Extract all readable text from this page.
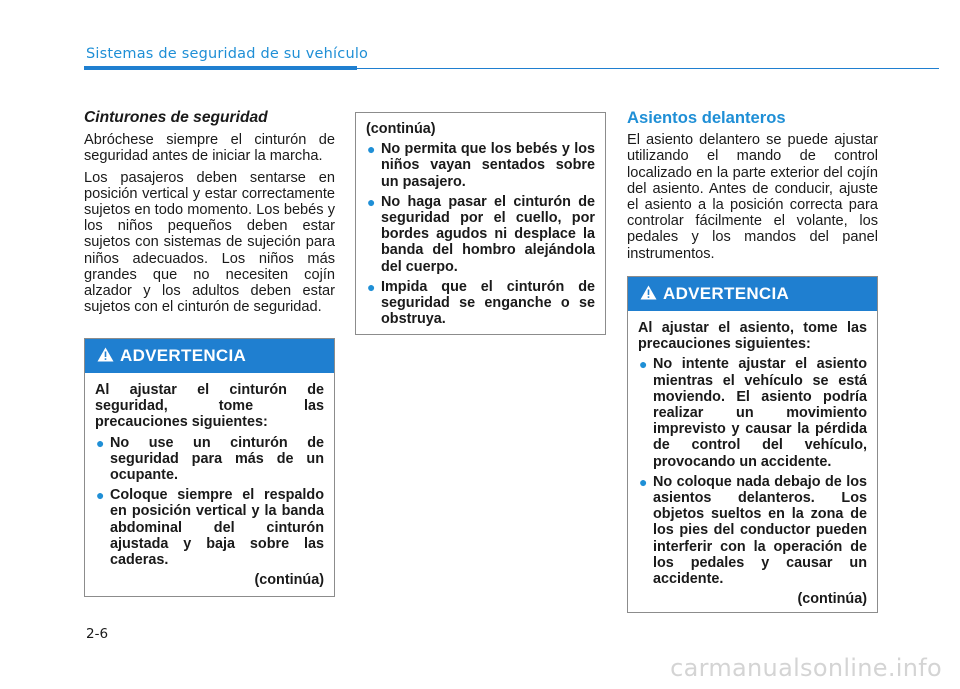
Sistemas de seguridad de su vehículo
Cinturones de seguridad

Abróchese siempre el cinturón de seguridad antes de iniciar la marcha.

Los pasajeros deben sentarse en posición vertical y estar correctamente sujetos en todo momento. Los bebés y los niños pequeños deben estar sujetos con sistemas de sujeción para niños adecuados. Los niños más grandes que no necesiten cojín alzador y los adultos deben estar sujetos con el cinturón de seguridad.

ADVERTENCIA

Al ajustar el cinturón de seguridad, tome las precauciones siguientes:

● No use un cinturón de seguridad para más de un ocupante.
● Coloque siempre el respaldo en posición vertical y la banda abdominal del cinturón ajustada y baja sobre las caderas.
(continúa)

(continúa)

● No permita que los bebés y los niños vayan sentados sobre un pasajero.
● No haga pasar el cinturón de seguridad por el cuello, por bordes agudos ni desplace la banda del hombro alejándola del cuerpo.
● Impida que el cinturón de seguridad se enganche o se obstruya.
Asientos delanteros

El asiento delantero se puede ajustar utilizando el mando de control localizado en la parte exterior del cojín del asiento. Antes de conducir, ajuste el asiento a la posición correcta para controlar fácilmente el volante, los pedales y los mandos del panel instrumentos.

ADVERTENCIA

Al ajustar el asiento, tome las precauciones siguientes:

● No intente ajustar el asiento mientras el vehículo se está moviendo. El asiento podría realizar un movimiento imprevisto y causar la pérdida de control del vehículo, provocando un accidente.
● No coloque nada debajo de los asientos delanteros. Los objetos sueltos en la zona de los pies del conductor pueden interferir con la operación de los pedales y causar un accidente.
(continúa)
2-6
carmanualsonline.info
